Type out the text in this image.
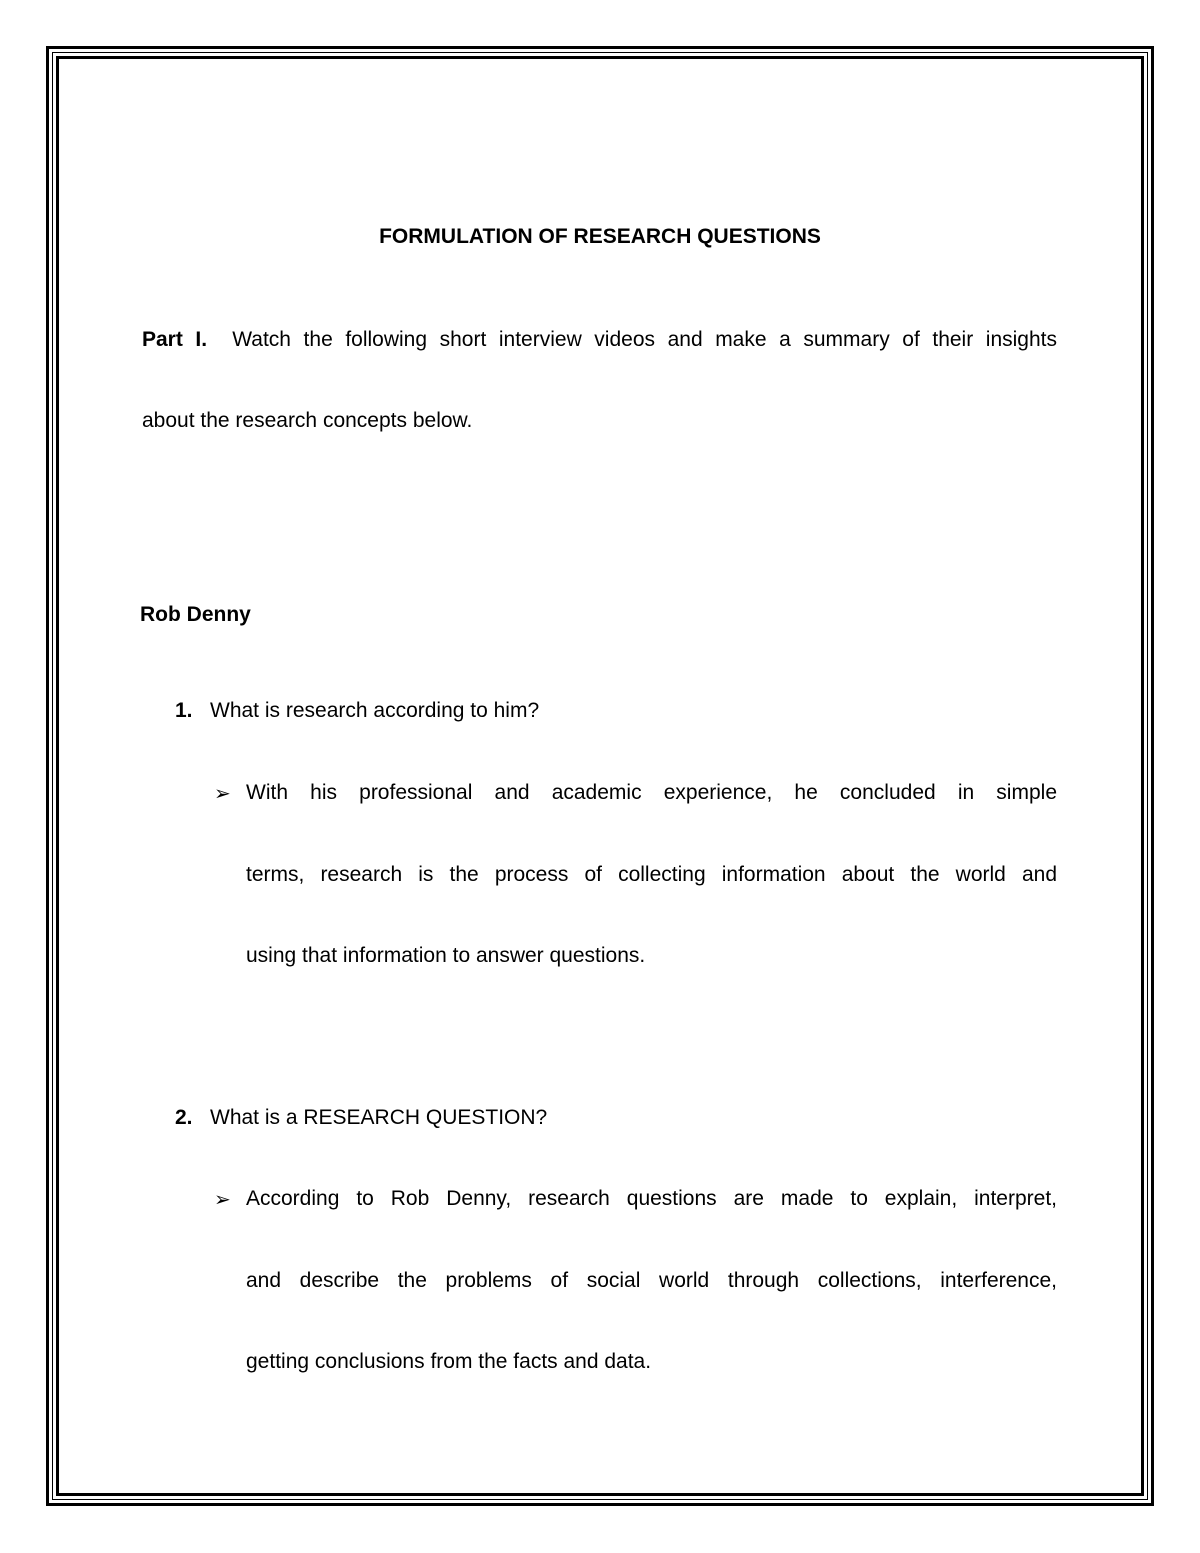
FORMULATION OF RESEARCH QUESTIONS
Part I. Watch the following short interview videos and make a summary of their insights

about the research concepts below.

Rob Denny

1. What is research according to him?

➢ With his professional and academic experience, he concluded in simple

terms, research is the process of collecting information about the world and

using that information to answer questions.

2. What is a RESEARCH QUESTION?

➢ According to Rob Denny, research questions are made to explain, interpret,

and describe the problems of social world through collections, interference,

getting conclusions from the facts and data.
